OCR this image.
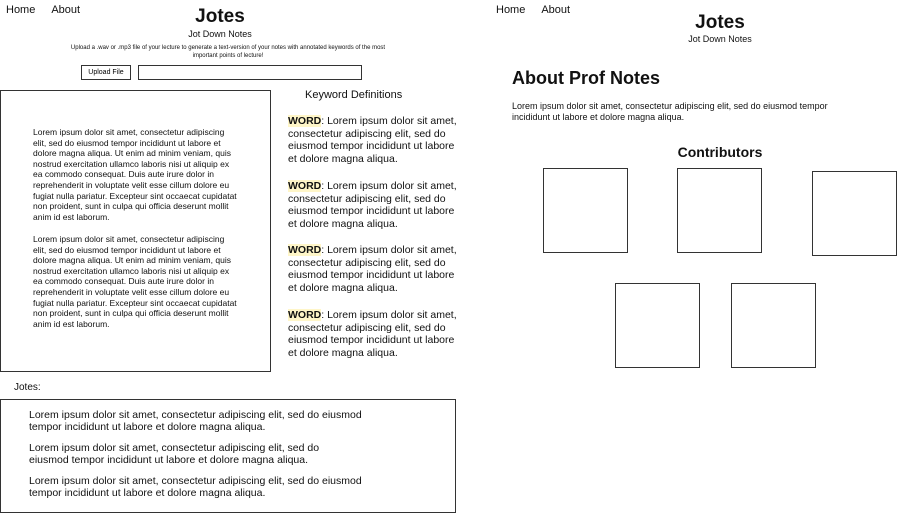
Home About	Jotes
Jot Down Notes
Upload a .wav or .mp3 file of your lecture to generate a text-version of your notes with annotated keywords of the most important points of lecture!
Upload File
Lorem ipsum dolor sit amet, consectetur adipiscing elit, sed do eiusmod tempor incididunt ut labore et dolore magna aliqua. Ut enim ad minim veniam, quis nostrud exercitation ullamco laboris nisi ut aliquip ex ea commodo consequat. Duis aute irure dolor in reprehenderit in voluptate velit esse cillum dolore eu fugiat nulla pariatur. Excepteur sint occaecat cupidatat non proident, sunt in culpa qui officia deserunt mollit anim id est laborum.
Lorem ipsum dolor sit amet, consectetur adipiscing elit, sed do eiusmod tempor incididunt ut labore et dolore magna aliqua. Ut enim ad minim veniam, quis nostrud exercitation ullamco laboris nisi ut aliquip ex ea commodo consequat. Duis aute irure dolor in reprehenderit in voluptate velit esse cillum dolore eu fugiat nulla pariatur. Excepteur sint occaecat cupidatat non proident, sunt in culpa qui officia deserunt mollit anim id est laborum.
Keyword Definitions
WORD: Lorem ipsum dolor sit amet, consectetur adipiscing elit, sed do eiusmod tempor incididunt ut labore et dolore magna aliqua.
WORD: Lorem ipsum dolor sit amet, consectetur adipiscing elit, sed do eiusmod tempor incididunt ut labore et dolore magna aliqua.
WORD: Lorem ipsum dolor sit amet, consectetur adipiscing elit, sed do eiusmod tempor incididunt ut labore et dolore magna aliqua.
WORD: Lorem ipsum dolor sit amet, consectetur adipiscing elit, sed do eiusmod tempor incididunt ut labore et dolore magna aliqua.
Jotes:

Lorem ipsum dolor sit amet, consectetur adipiscing elit, sed do eiusmod tempor incididunt ut labore et dolore magna aliqua.

Lorem ipsum dolor sit amet, consectetur adipiscing elit, sed do eiusmod tempor incididunt ut labore et dolore magna aliqua.

Lorem ipsum dolor sit amet, consectetur adipiscing elit, sed do eiusmod tempor incididunt ut labore et dolore magna aliqua.

Home About
Jotes
Jot Down Notes
About Prof Notes
Lorem ipsum dolor sit amet, consectetur adipiscing elit, sed do eiusmod tempor incididunt ut labore et dolore magna aliqua.
Contributors
